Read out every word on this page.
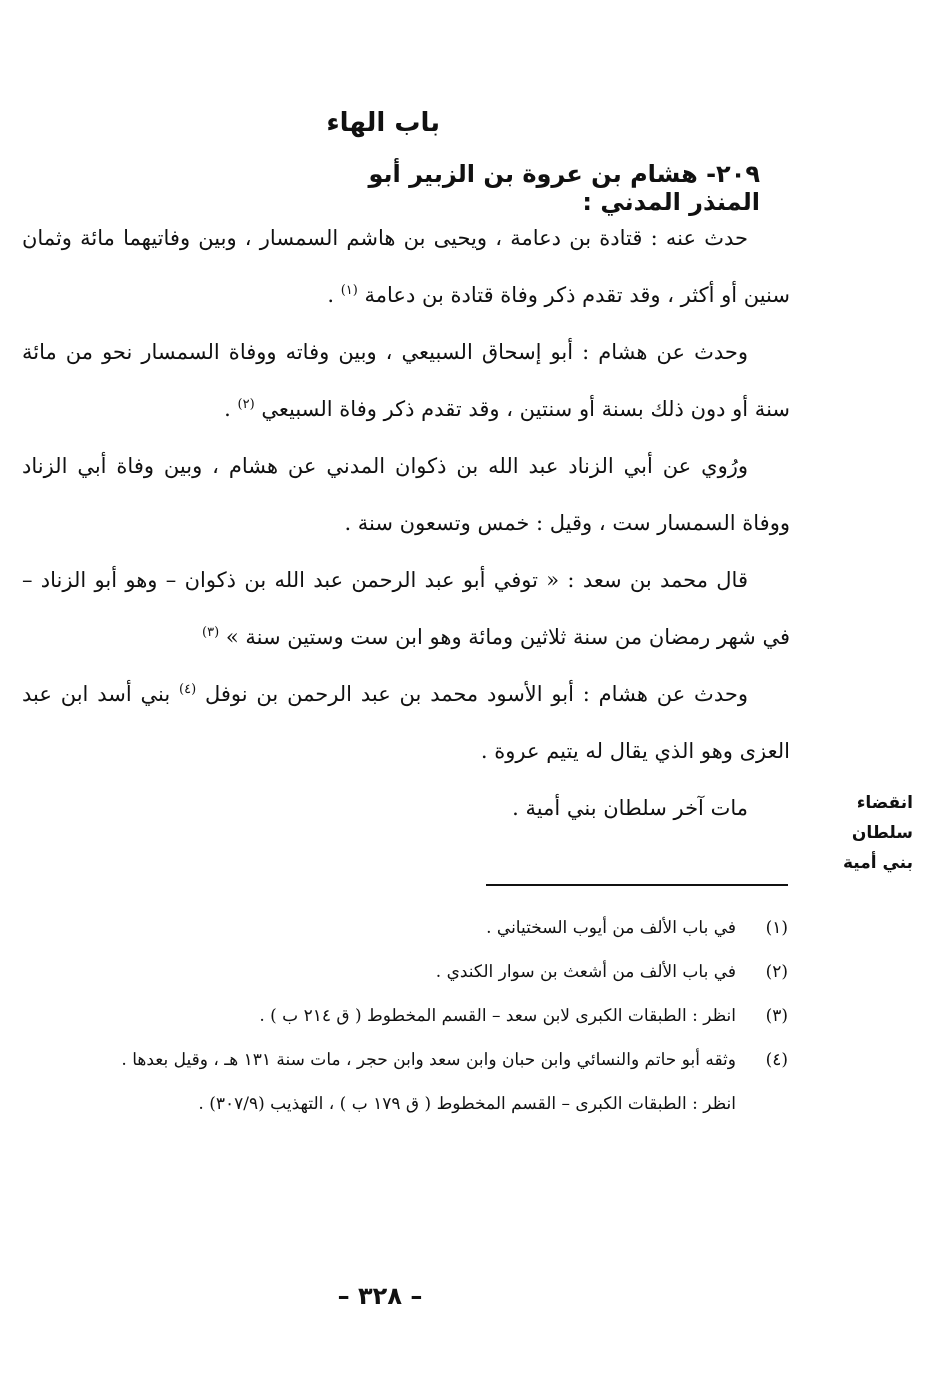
باب الهاء
٢٠٩- هشام بن عروة بن الزبير أبو المنذر المدني :

حدث عنه : قتادة بن دعامة ، ويحيى بن هاشم السمسار ، وبين وفاتيهما مائة وثمان سنين أو أكثر ، وقد تقدم ذكر وفاة قتادة بن دعامة $^{(١)}$ .

وحدث عن هشام : أبو إسحاق السبيعي ، وبين وفاته ووفاة السمسار نحو من مائة سنة أو دون ذلك بسنة أو سنتين ، وقد تقدم ذكر وفاة السبيعي $^{(٢)}$ .

ورُوي عن أبي الزناد عبد الله بن ذكوان المدني عن هشام ، وبين وفاة أبي الزناد ووفاة السمسار ست ، وقيل : خمس وتسعون سنة .

قال محمد بن سعد : « توفي أبو عبد الرحمن عبد الله بن ذكوان – وهو أبو الزناد – في شهر رمضان من سنة ثلاثين ومائة وهو ابن ست وستين سنة » $^{(٣)}$

وحدث عن هشام : أبو الأسود محمد بن عبد الرحمن بن نوفل $^{(٤)}$ بني أسد ابن عبد العزى وهو الذي يقال له يتيم عروة .

مات آخر سلطان بني أمية .	انقضاء سلطان
بني أمية
(١)
في باب الألف من أيوب السختياني .
(٢)
في باب الألف من أشعث بن سوار الكندي .
(٣)
انظر : الطبقات الكبرى لابن سعد – القسم المخطوط ( ق ٢١٤ ب ) .
(٤)
وثقه أبو حاتم والنسائي وابن حبان وابن سعد وابن حجر ، مات سنة ١٣١ هـ ، وقيل بعدها .
انظر : الطبقات الكبرى – القسم المخطوط ( ق ١٧٩ ب ) ، التهذيب (٣٠٧/٩) .
– ٣٢٨ –
